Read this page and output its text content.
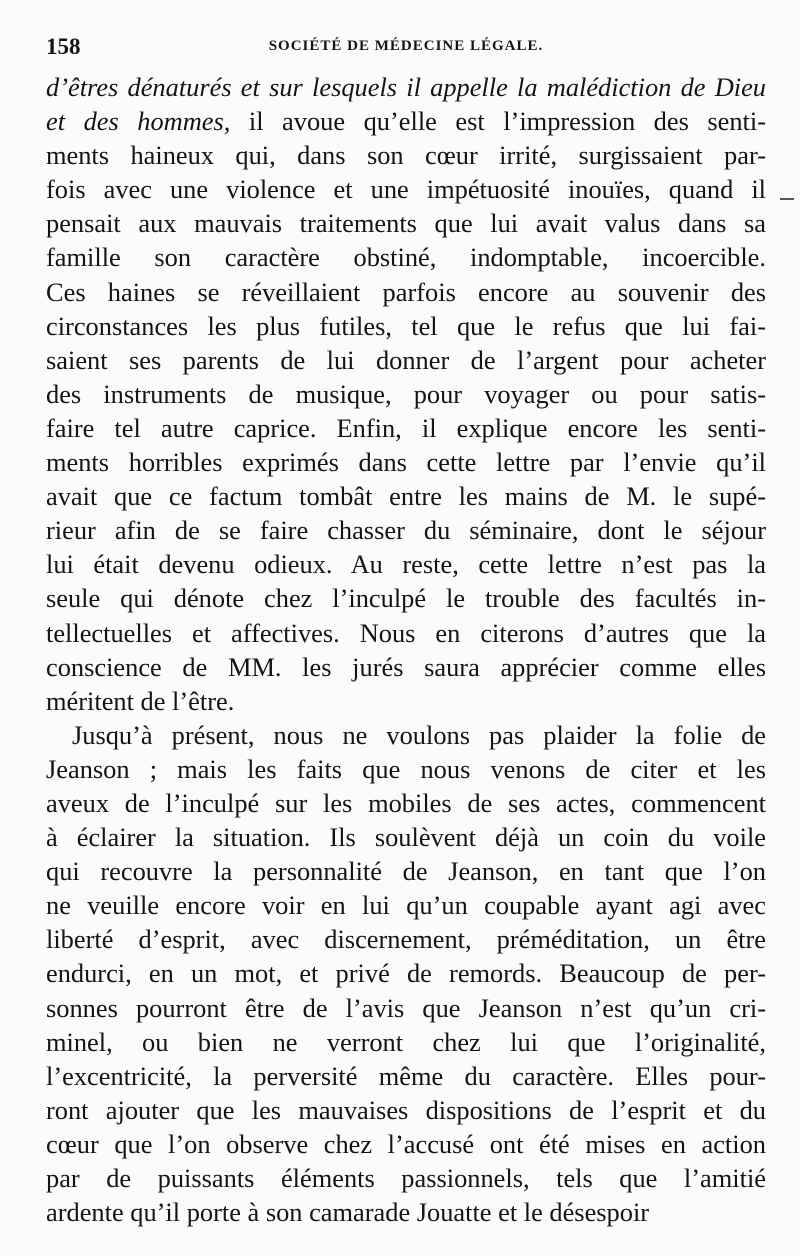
158	SOCIÉTÉ DE MÉDECINE LÉGALE.

d’êtres dénaturés et sur lesquels il appelle la malédiction de Dieu
et des hommes, il avoue qu’elle est l’impression des senti-
ments haineux qui, dans son cœur irrité, surgissaient par-
fois avec une violence et une impétuosité inouïes, quand il
pensait aux mauvais traitements que lui avait valus dans sa
famille son caractère obstiné, indomptable, incoercible.
Ces haines se réveillaient parfois encore au souvenir des
circonstances les plus futiles, tel que le refus que lui fai-
saient ses parents de lui donner de l’argent pour acheter
des instruments de musique, pour voyager ou pour satis-
faire tel autre caprice. Enfin, il explique encore les senti-
ments horribles exprimés dans cette lettre par l’envie qu’il
avait que ce factum tombât entre les mains de M. le supé-
rieur afin de se faire chasser du séminaire, dont le séjour
lui était devenu odieux. Au reste, cette lettre n’est pas la
seule qui dénote chez l’inculpé le trouble des facultés in-
tellectuelles et affectives. Nous en citerons d’autres que la
conscience de MM. les jurés saura apprécier comme elles
méritent de l’être.

Jusqu’à présent, nous ne voulons pas plaider la folie de
Jeanson ; mais les faits que nous venons de citer et les
aveux de l’inculpé sur les mobiles de ses actes, commencent
à éclairer la situation. Ils soulèvent déjà un coin du voile
qui recouvre la personnalité de Jeanson, en tant que l’on
ne veuille encore voir en lui qu’un coupable ayant agi avec
liberté d’esprit, avec discernement, préméditation, un être
endurci, en un mot, et privé de remords. Beaucoup de per-
sonnes pourront être de l’avis que Jeanson n’est qu’un cri-
minel, ou bien ne verront chez lui que l’originalité,
l’excentricité, la perversité même du caractère. Elles pour-
ront ajouter que les mauvaises dispositions de l’esprit et du
cœur que l’on observe chez l’accusé ont été mises en action
par de puissants éléments passionnels, tels que l’amitié
ardente qu’il porte à son camarade Jouatte et le désespoir
